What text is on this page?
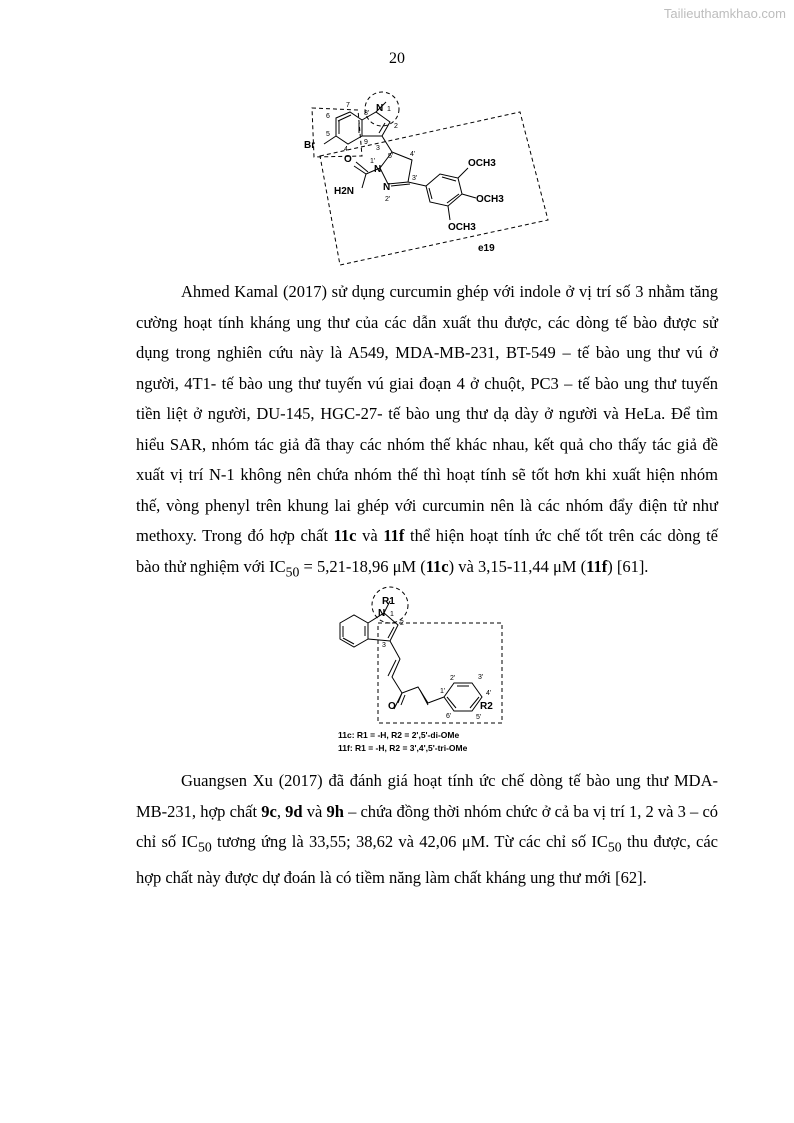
Tailieuthamkhao.com
20
N 1
Br
O
H2N
N
1'
N
2'
OCH3
OCH3
OCH3
2
3
3'
4
4'
5
5'
6
7
8'
9
e19

Ahmed Kamal (2017) sử dụng curcumin ghép với indole ở vị trí số 3 nhằm tăng cường hoạt tính kháng ung thư của các dẫn xuất thu được, các dòng tế bào được sử dụng trong nghiên cứu này là A549, MDA-MB-231, BT-549 – tế bào ung thư vú ở người, 4T1- tế bào ung thư tuyến vú giai đoạn 4 ở chuột, PC3 – tế bào ung thư tuyến tiền liệt ở người, DU-145, HGC-27- tế bào ung thư dạ dày ở người và HeLa. Để tìm hiểu SAR, nhóm tác giả đã thay các nhóm thế khác nhau, kết quả cho thấy tác giả đề xuất vị trí N-1 không nên chứa nhóm thế thì hoạt tính sẽ tốt hơn khi xuất hiện nhóm thế, vòng phenyl trên khung lai ghép với curcumin nên là các nhóm đẩy điện tử như methoxy. Trong đó hợp chất 11c và 11f thể hiện hoạt tính ức chế tốt trên các dòng tế bào thử nghiệm với $IC_{50} = 5,21-18,96$ μM (11c) và 3,15-11,44 μM (11f) [61].

R1
N 1
2
3
O
1'
2'	3'
4'
5'
6'
R2
11c: R1 = -H, R2 = 2',5'-di-OMe
11f: R1 = -H, R2 = 3',4',5'-tri-OMe

Guangsen Xu (2017) đã đánh giá hoạt tính ức chế dòng tế bào ung thư MDA-MB-231, hợp chất 9c, 9d và 9h – chứa đồng thời nhóm chức ở cả ba vị trí 1, 2 và 3 – có chỉ số $IC_{50}$ tương ứng là 33,55; 38,62 và 42,06 μM. Từ các chỉ số $IC_{50}$ thu được, các hợp chất này được dự đoán là có tiềm năng làm chất kháng ung thư mới [62].
